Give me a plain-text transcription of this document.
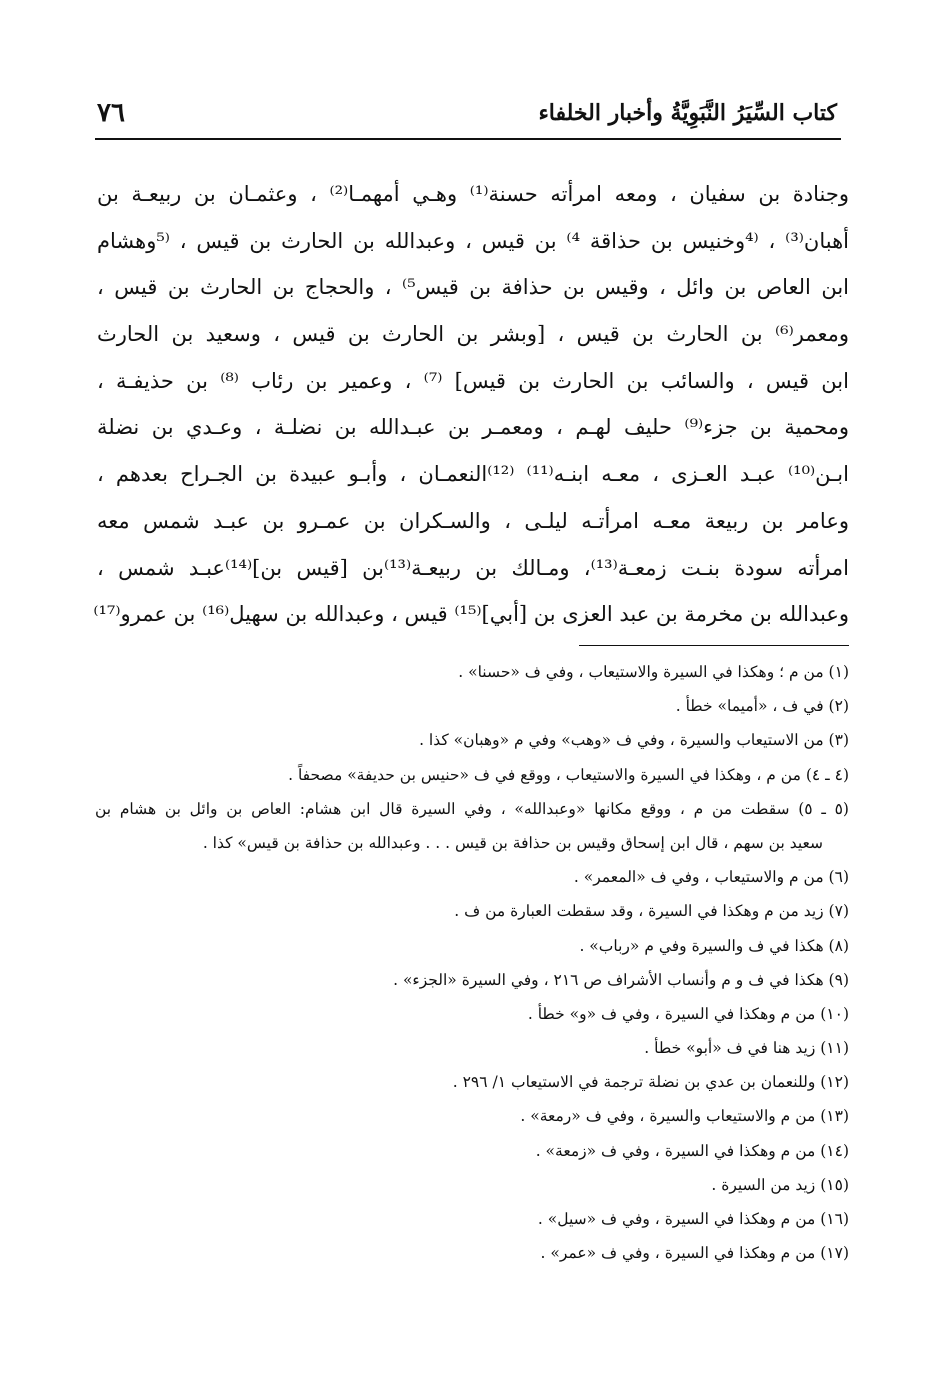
كتاب السِّيَرُ النَّبَوِيَّةُ وأخبار الخلفاء
٧٦
وجنادة بن سفيان ، ومعه امرأته حسنة⁽¹⁾ وهـي أمهمـا⁽²⁾ ، وعثمـان بن ربيعـة بن
أهبان⁽³⁾ ، ⁽⁴وخنيس بن حذاقة ⁴⁾ بن قيس ، وعبدالله بن الحارث بن قيس ، ⁽⁵وهشام
ابن العاص بن وائل ، وقيس بن حذافة بن قيس⁵⁾ ، والحجاج بن الحارث بن قيس ،
ومعمر⁽⁶⁾ بن الحارث بن قيس ، [وبشر بن الحارث بن قيس ، وسعيد بن الحارث
ابن قيس ، والسائب بن الحارث بن قيس] ⁽⁷⁾ ، وعمير بن رئاب ⁽⁸⁾ بن حذيفـة ،
ومحمية بن جزء⁽⁹⁾ حليف لهـم ، ومعمـر بن عبـدالله بن نضلـة ، وعـدي بن نضلة
ابـن⁽¹⁰⁾ عبـد العـزى ، معـه ابنـه⁽¹¹⁾ ⁽¹²⁾النعمـان ، وأبـو عبيدة بن الجـراح بعدهم ،
وعامر بن ربيعة معـه امرأتـه ليلـى ، والسـكران بن عمـرو بن عبـد شمس معه
امرأته سودة بنـت زمعـة⁽¹³⁾، ومـالك بن ربيعـة⁽¹³⁾بن [قيس بن]⁽¹⁴⁾عبـد شمس ،
وعبدالله بن مخرمة بن عبد العزى بن [أبي]⁽¹⁵⁾ قيس ، وعبدالله بن سهيل⁽¹⁶⁾ بن عمرو⁽¹⁷⁾
(١) من م ؛ وهكذا في السيرة والاستيعاب ، وفي ف «حسنا» .
(٢) في ف ، «أميما» خطأ .
(٣) من الاستيعاب والسيرة ، وفي ف «وهب» وفي م «وهبان» كذا .
(٤ ـ ٤) من م ، وهكذا في السيرة والاستيعاب ، ووقع في ف «حنيس بن حديفة» مصحفاً .
(٥ ـ ٥) سقطت من م ، ووقع مكانها «وعبدالله» ، وفي السيرة قال ابن هشام: العاص بن وائل بن هشام بن
سعيد بن سهم ، قال ابن إسحاق وقيس بن حذافة بن قيس . . . وعبدالله بن حذافة بن قيس» كذا .
(٦) من م والاستيعاب ، وفي ف «المعمر» .
(٧) زيد من م وهكذا في السيرة ، وقد سقطت العبارة من ف .
(٨) هكذا في ف والسيرة وفي م «رباب» .
(٩) هكذا في ف و م وأنساب الأشراف ص ٢١٦ ، وفي السيرة «الجزء» .
(١٠) من م وهكذا في السيرة ، وفي ف «و» خطأ .
(١١) زيد هنا في ف «أبو» خطأ .
(١٢) وللنعمان بن عدي بن نضلة ترجمة في الاستيعاب ١/ ٢٩٦ .
(١٣) من م والاستيعاب والسيرة ، وفي ف «رمعة» .
(١٤) من م وهكذا في السيرة ، وفي ف «زمعة» .
(١٥) زيد من السيرة .
(١٦) من م وهكذا في السيرة ، وفي ف «سيل» .
(١٧) من م وهكذا في السيرة ، وفي ف «عمر» .
